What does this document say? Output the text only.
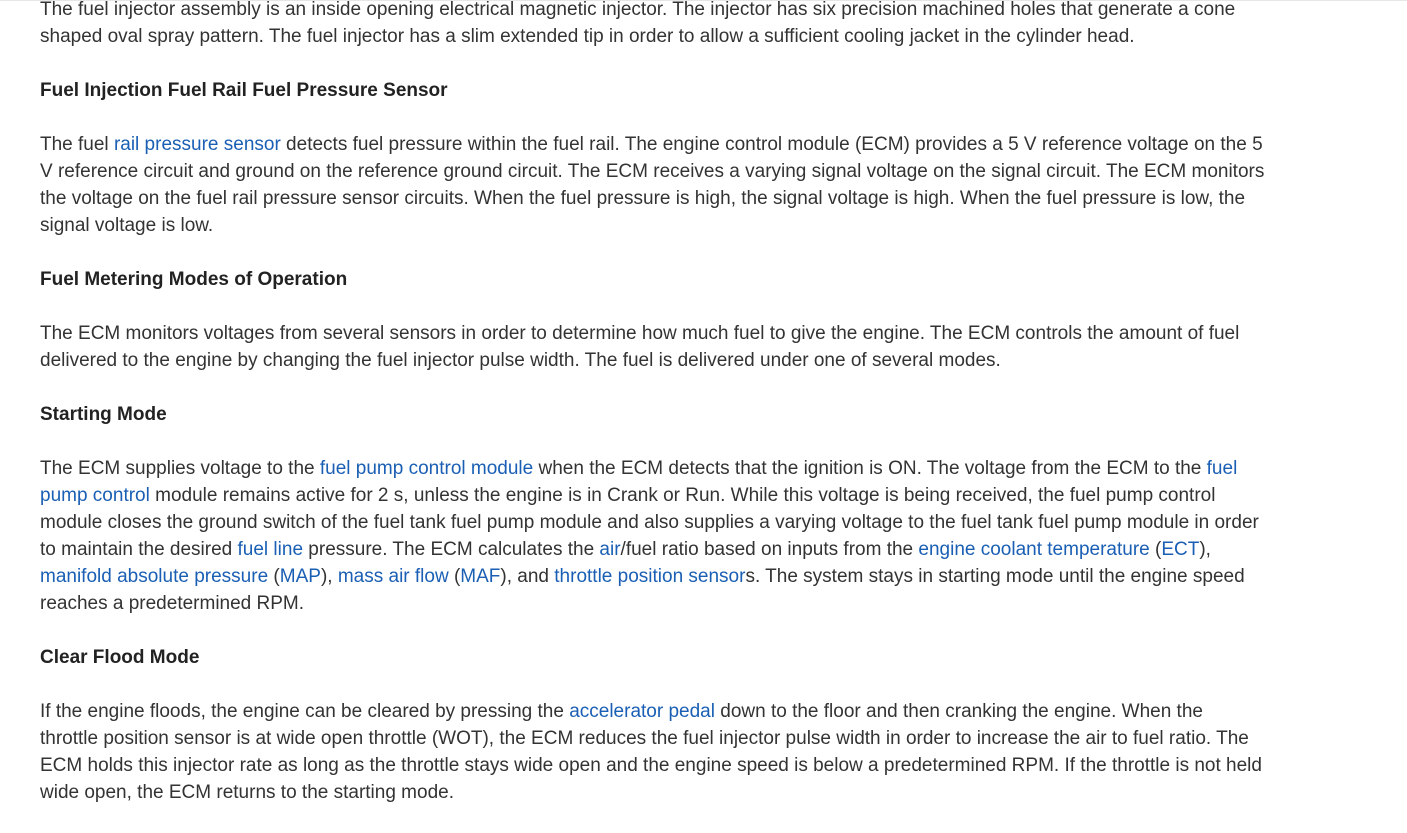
The fuel injector assembly is an inside opening electrical magnetic injector. The injector has six precision machined holes that generate a cone shaped oval spray pattern. The fuel injector has a slim extended tip in order to allow a sufficient cooling jacket in the cylinder head.

Fuel Injection Fuel Rail Fuel Pressure Sensor

The fuel rail pressure sensor detects fuel pressure within the fuel rail. The engine control module (ECM) provides a 5 V reference voltage on the 5 V reference circuit and ground on the reference ground circuit. The ECM receives a varying signal voltage on the signal circuit. The ECM monitors the voltage on the fuel rail pressure sensor circuits. When the fuel pressure is high, the signal voltage is high. When the fuel pressure is low, the signal voltage is low.

Fuel Metering Modes of Operation

The ECM monitors voltages from several sensors in order to determine how much fuel to give the engine. The ECM controls the amount of fuel delivered to the engine by changing the fuel injector pulse width. The fuel is delivered under one of several modes.

Starting Mode

The ECM supplies voltage to the fuel pump control module when the ECM detects that the ignition is ON. The voltage from the ECM to the fuel pump control module remains active for 2 s, unless the engine is in Crank or Run. While this voltage is being received, the fuel pump control module closes the ground switch of the fuel tank fuel pump module and also supplies a varying voltage to the fuel tank fuel pump module in order to maintain the desired fuel line pressure. The ECM calculates the air/fuel ratio based on inputs from the engine coolant temperature (ECT), manifold absolute pressure (MAP), mass air flow (MAF), and throttle position sensors. The system stays in starting mode until the engine speed reaches a predetermined RPM.

Clear Flood Mode

If the engine floods, the engine can be cleared by pressing the accelerator pedal down to the floor and then cranking the engine. When the throttle position sensor is at wide open throttle (WOT), the ECM reduces the fuel injector pulse width in order to increase the air to fuel ratio. The ECM holds this injector rate as long as the throttle stays wide open and the engine speed is below a predetermined RPM. If the throttle is not held wide open, the ECM returns to the starting mode.
